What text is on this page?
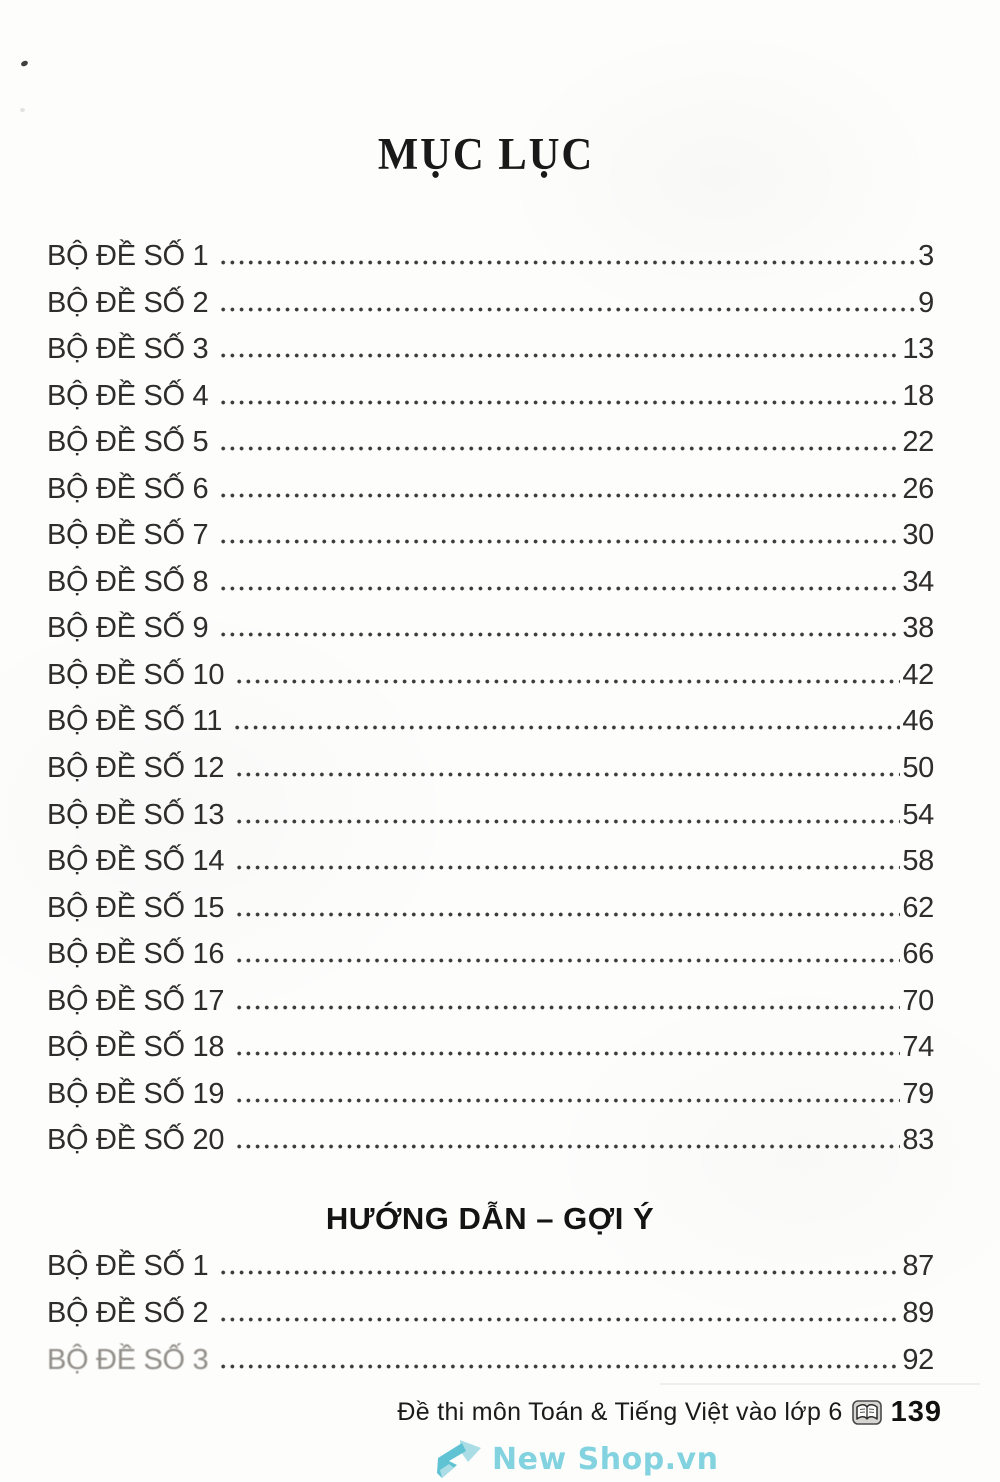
MỤC LỤC
BỘ ĐỀ SỐ 1	3
BỘ ĐỀ SỐ 2	9
BỘ ĐỀ SỐ 3	13
BỘ ĐỀ SỐ 4	18
BỘ ĐỀ SỐ 5	22
BỘ ĐỀ SỐ 6	26
BỘ ĐỀ SỐ 7	30
BỘ ĐỀ SỐ 8	34
BỘ ĐỀ SỐ 9	38
BỘ ĐỀ SỐ 10	42
BỘ ĐỀ SỐ 11	46
BỘ ĐỀ SỐ 12	50
BỘ ĐỀ SỐ 13	54
BỘ ĐỀ SỐ 14	58
BỘ ĐỀ SỐ 15	62
BỘ ĐỀ SỐ 16	66
BỘ ĐỀ SỐ 17	70
BỘ ĐỀ SỐ 18	74
BỘ ĐỀ SỐ 19	79
BỘ ĐỀ SỐ 20	83
HƯỚNG DẪN – GỢI Ý
BỘ ĐỀ SỐ 1	87
BỘ ĐỀ SỐ 2	89
BỘ ĐỀ SỐ 3	92
Đề thi môn Toán & Tiếng Việt vào lớp 6 139
New Shop.vn
